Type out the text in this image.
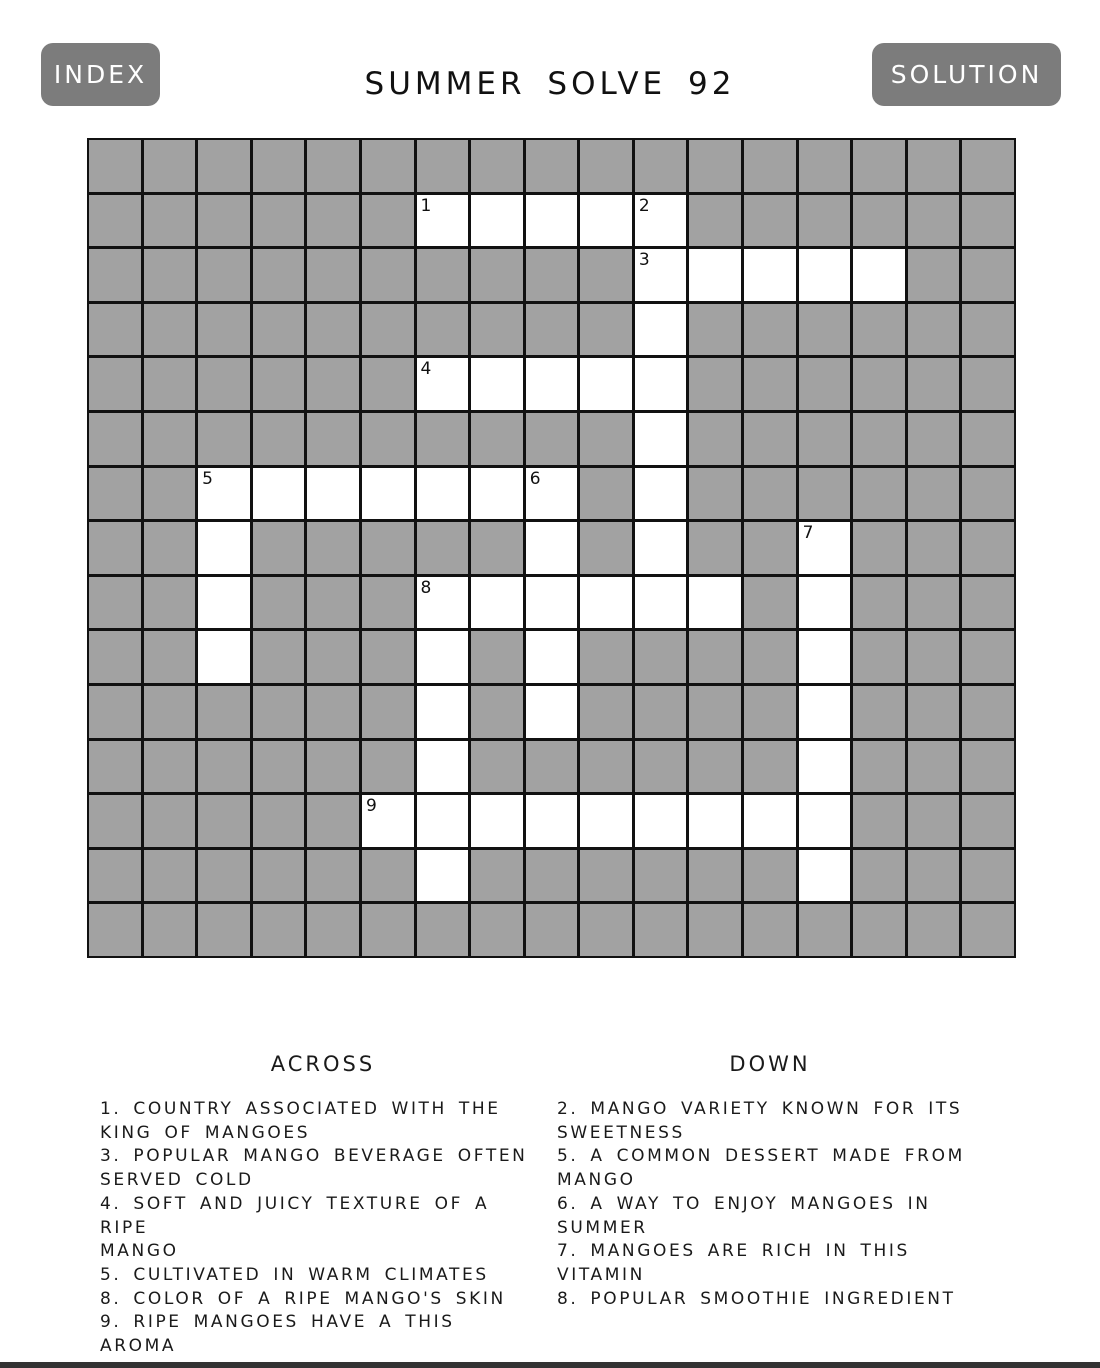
INDEX	SUMMER SOLVE 92	SOLUTION
1	2
3
4
5	6
7
8
9
ACROSS	DOWN
1. COUNTRY ASSOCIATED WITH THE
KING OF MANGOES
3. POPULAR MANGO BEVERAGE OFTEN
SERVED COLD
4. SOFT AND JUICY TEXTURE OF A RIPE
MANGO
5. CULTIVATED IN WARM CLIMATES
8. COLOR OF A RIPE MANGO'S SKIN
9. RIPE MANGOES HAVE A THIS
AROMA
2. MANGO VARIETY KNOWN FOR ITS
SWEETNESS
5. A COMMON DESSERT MADE FROM
MANGO
6. A WAY TO ENJOY MANGOES IN
SUMMER
7. MANGOES ARE RICH IN THIS
VITAMIN
8. POPULAR SMOOTHIE INGREDIENT
